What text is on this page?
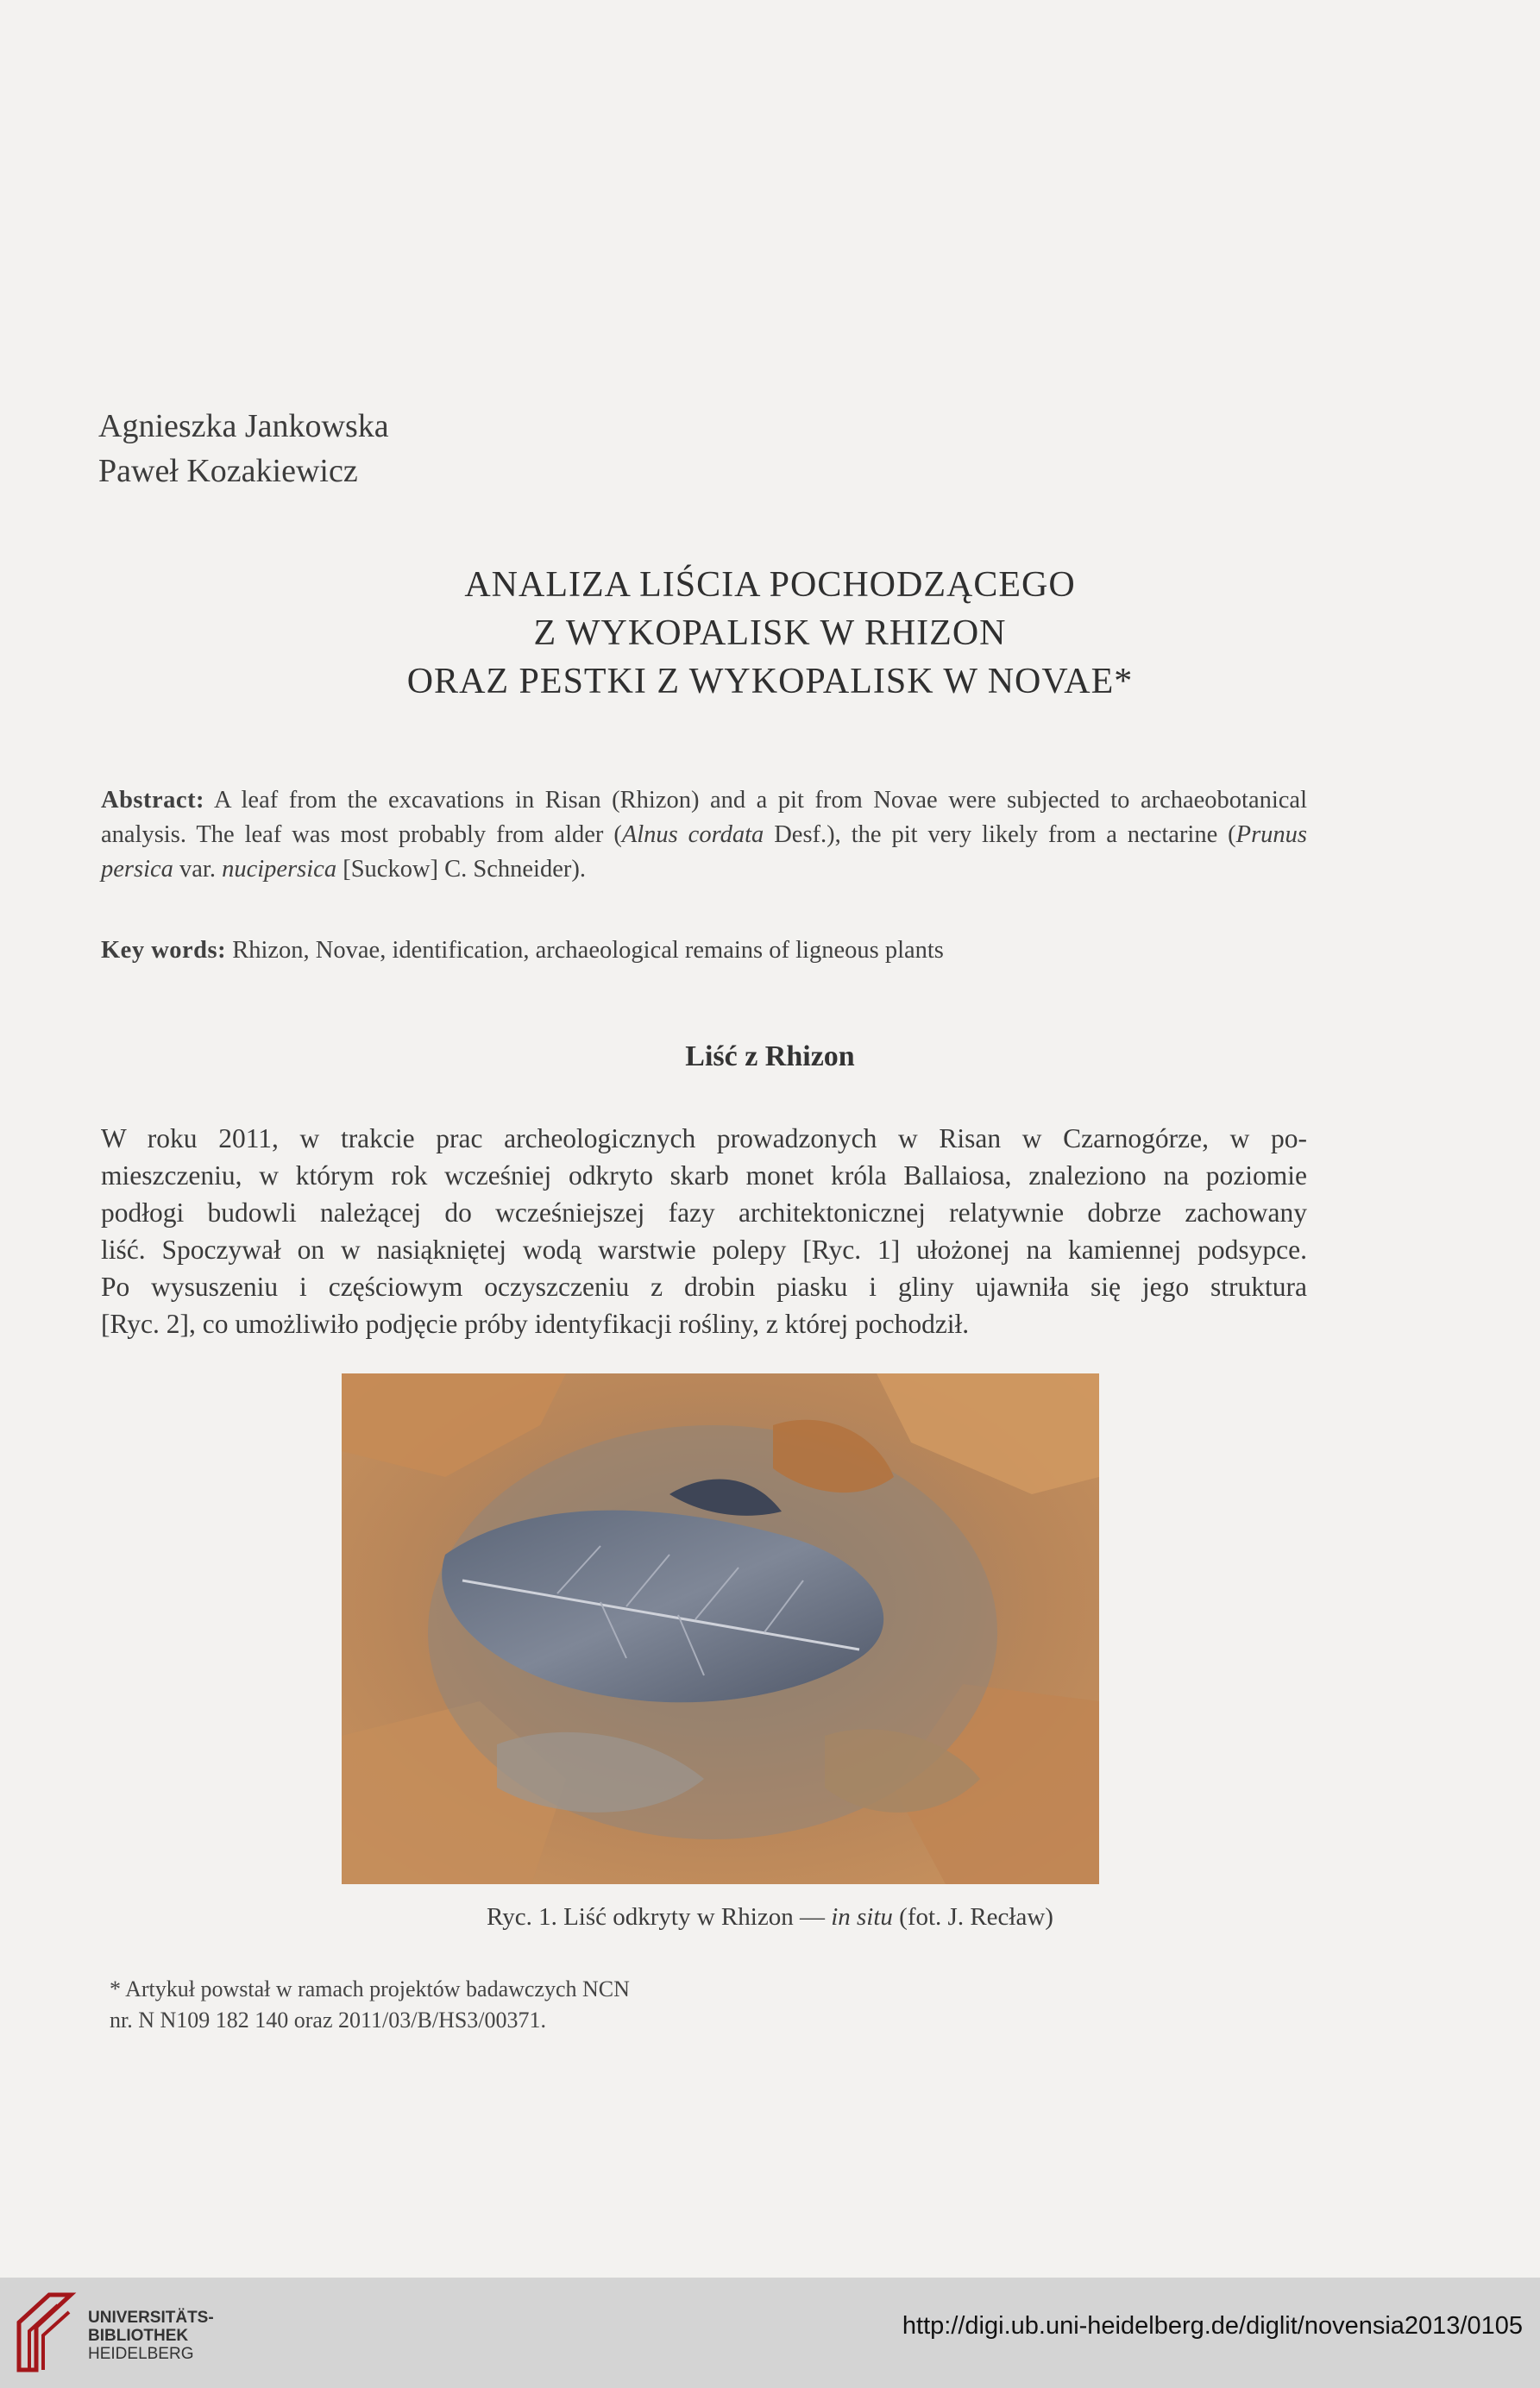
Agnieszka Jankowska
Paweł Kozakiewicz
ANALIZA LIŚCIA POCHODZĄCEGO
Z WYKOPALISK W RHIZON
ORAZ PESTKI Z WYKOPALISK W NOVAE*
Abstract: A leaf from the excavations in Risan (Rhizon) and a pit from Novae were subjected to archaeobotanical analysis. The leaf was most probably from alder (Alnus cordata Desf.), the pit very likely from a nectarine (Prunus persica var. nucipersica [Suckow] C. Schneider).
Key words: Rhizon, Novae, identification, archaeological remains of ligneous plants
Liść z Rhizon
W roku 2011, w trakcie prac archeologicznych prowadzonych w Risan w Czarnogórze, w po-
mieszczeniu, w którym rok wcześniej odkryto skarb monet króla Ballaiosa, znaleziono na poziomie
podłogi budowli należącej do wcześniejszej fazy architektonicznej relatywnie dobrze zachowany
liść. Spoczywał on w nasiąkniętej wodą warstwie polepy [Ryc. 1] ułożonej na kamiennej podsypce.
Po wysuszeniu i częściowym oczyszczeniu z drobin piasku i gliny ujawniła się jego struktura
[Ryc. 2], co umożliwiło podjęcie próby identyfikacji rośliny, z której pochodził.
Ryc. 1. Liść odkryty w Rhizon — in situ (fot. J. Recław)
* Artykuł powstał w ramach projektów badawczych NCN
nr. N N109 182 140 oraz 2011/03/B/HS3/00371.
UNIVERSITÄTS-
BIBLIOTHEK
HEIDELBERG
http://digi.ub.uni-heidelberg.de/diglit/novensia2013/0105
